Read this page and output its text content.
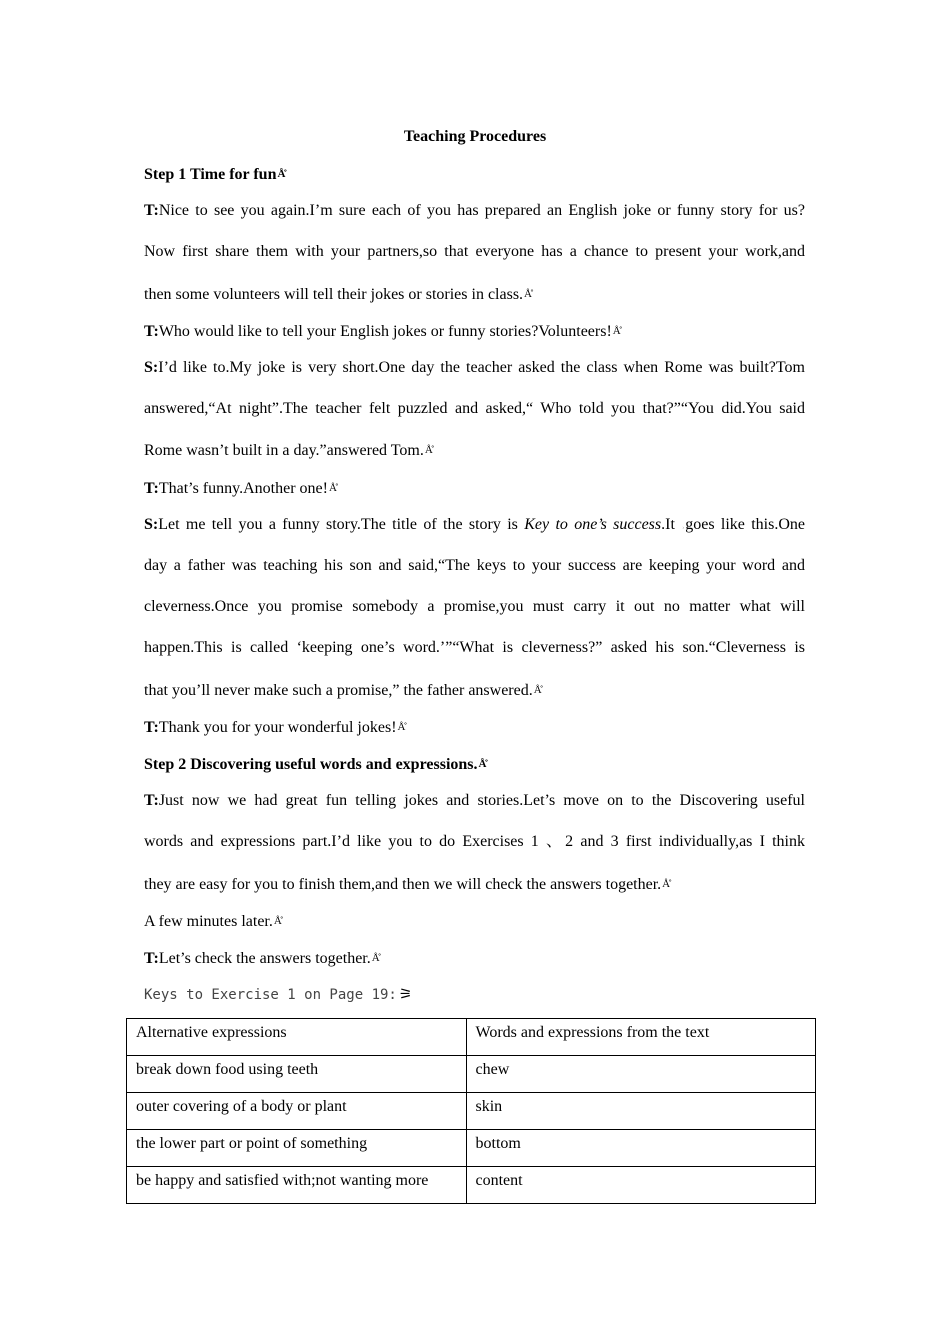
Teaching Procedures
Step 1 Time for funÅ̊
T:Nice to see you again.I’m sure each of you has prepared an English joke or funny story for us?
Now first share them with your partners,so that everyone has a chance to present your work,and
then some volunteers will tell their jokes or stories in class.Å̊
T:Who would like to tell your English jokes or funny stories?Volunteers!Å̊
S:I’d like to.My joke is very short.One day the teacher asked the class when Rome was built?Tom
answered,“At night”.The teacher felt puzzled and asked,“ Who told you that?”“You did.You said
Rome wasn’t built in a day.”answered Tom.Å̊
T:That’s funny.Another one!Å̊
S:Let me tell you a funny story.The title of the story is Key to one’s success.It ›goes like this.One
day a father was teaching his son and said,“The keys to your success are keeping your word and
cleverness.Once you promise somebody a promise,you must carry it out no matter what will
happen.This is called ‘keeping one’s word.’”“What is cleverness?” asked his son.“Cleverness is
that you’ll never make such a promise,” the father answered.Å̊
T:Thank you for your wonderful jokes!Å̊
Step 2 Discovering useful words and expressions.Å̊
T:Just now we had great fun telling jokes and stories.Let’s move on to the Discovering useful
words and expressions part.I’d like you to do Exercises 1 、2 and 3 first individually,as I think
they are easy for you to finish them,and then we will check the answers together.Å̊
A few minutes later.Å̊
T:Let’s check the answers together.Å̊
Keys to Exercise 1 on Page 19: ⚞
Alternative expressions	Words and expressions from the text
break down food using teeth	chew
outer covering of a body or plant	skin
the lower part or point of something	bottom
be happy and satisfied with;not wanting more	content
